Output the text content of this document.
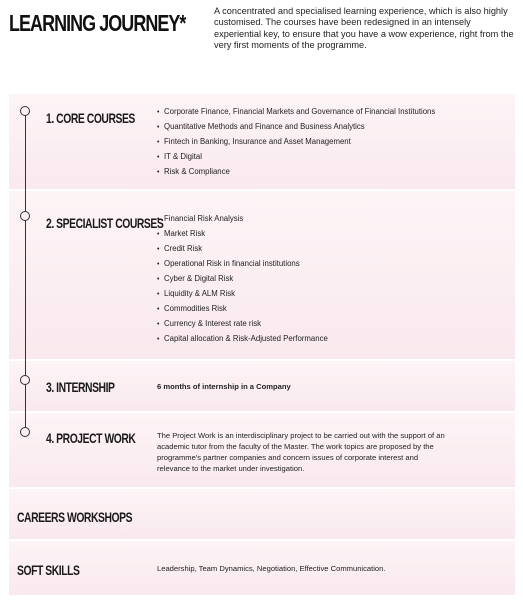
LEARNING JOURNEY*	A concentrated and specialised learning experience, which is also highly customised. The courses have been redesigned in an intensely experiential key, to ensure that you have a wow experience, right from the very first moments of the programme.
1. CORE COURSES	• Corporate Finance, Financial Markets and Governance of Financial Institutions
• Quantitative Methods and Finance and Business Analytics
• Fintech in Banking, Insurance and Asset Management
• IT & Digital
• Risk & Compliance
2. SPECIALIST COURSES • Financial Risk Analysis
• Market Risk
• Credit Risk
• Operational Risk in financial institutions
• Cyber & Digital Risk
• Liquidity & ALM Risk
• Commodities Risk
• Currency & Interest rate risk
• Capital allocation & Risk-Adjusted Performance
3. INTERNSHIP	6 months of internship in a Company
4. PROJECT WORK	The Project Work is an interdisciplinary project to be carried out with the support of an academic tutor from the faculty of the Master. The work topics are proposed by the programme's partner companies and concern issues of corporate interest and relevance to the market under investigation.
CAREERS WORKSHOPS
SOFT SKILLS	Leadership, Team Dynamics, Negotiation, Effective Communication.
